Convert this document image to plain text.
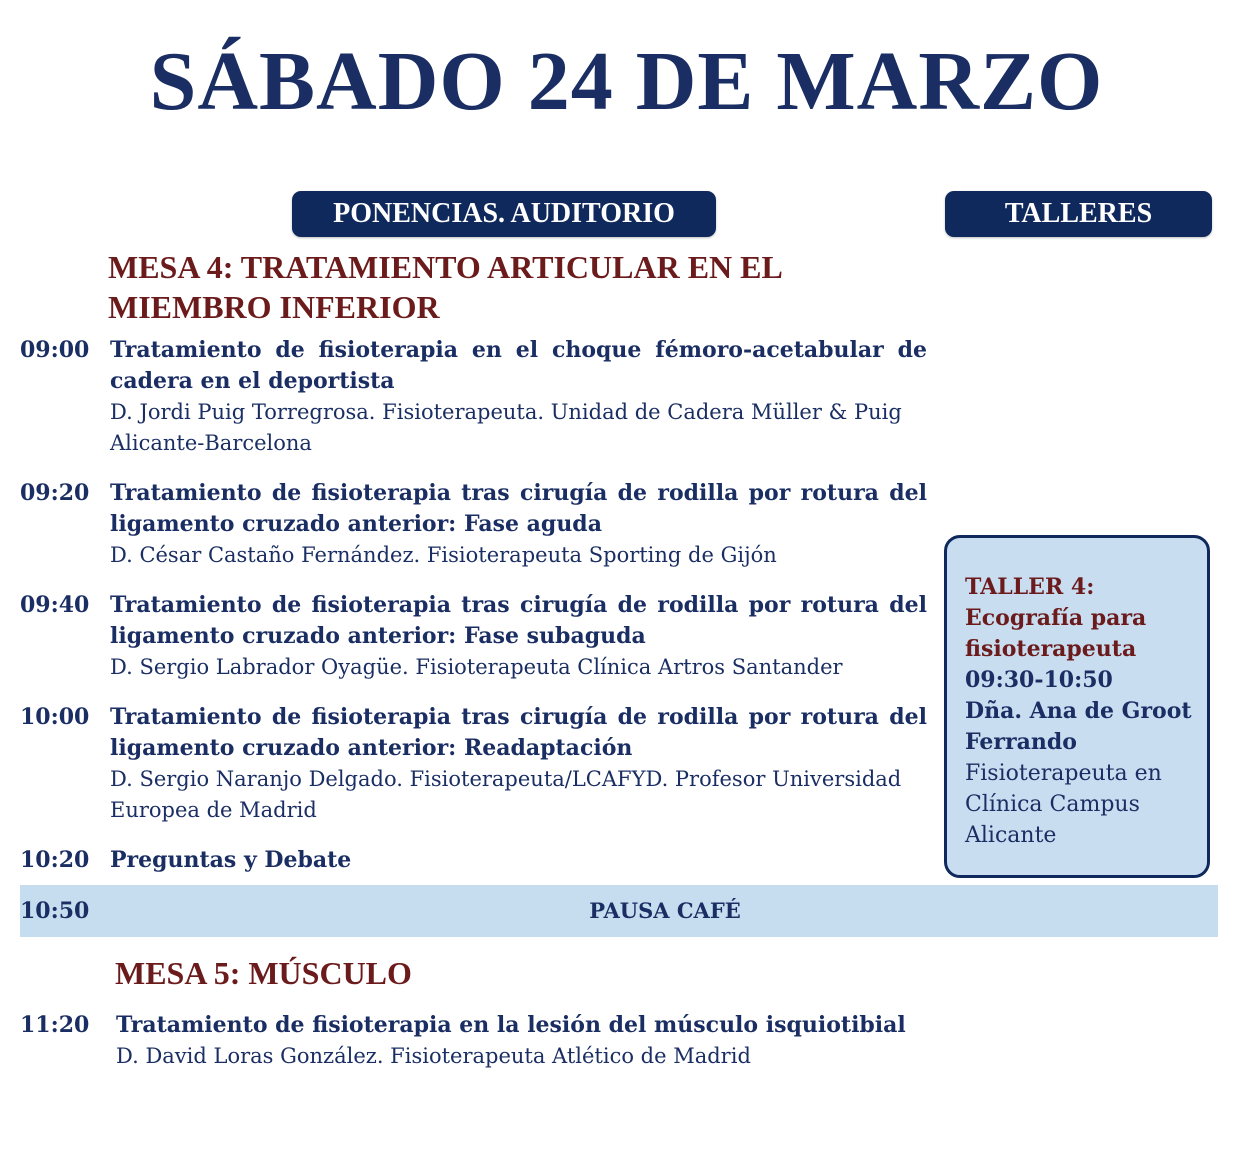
SÁBADO 24 DE MARZO
PONENCIAS. AUDITORIO	TALLERES
MESA 4: TRATAMIENTO ARTICULAR EN EL
MIEMBRO INFERIOR
09:00 Tratamiento de fisioterapia en el choque fémoro-acetabular de cadera en el deportista
D. Jordi Puig Torregrosa. Fisioterapeuta. Unidad de Cadera Müller & Puig Alicante-Barcelona
09:20 Tratamiento de fisioterapia tras cirugía de rodilla por rotura del ligamento cruzado anterior: Fase aguda
D. César Castaño Fernández. Fisioterapeuta Sporting de Gijón
09:40 Tratamiento de fisioterapia tras cirugía de rodilla por rotura del ligamento cruzado anterior: Fase subaguda
D. Sergio Labrador Oyagüe. Fisioterapeuta Clínica Artros Santander
10:00 Tratamiento de fisioterapia tras cirugía de rodilla por rotura del ligamento cruzado anterior: Readaptación
D. Sergio Naranjo Delgado. Fisioterapeuta/LCAFYD. Profesor Universidad Europea de Madrid
10:20 Preguntas y Debate
TALLER 4:
Ecografía para
fisioterapeuta
09:30-10:50
Dña. Ana de Groot
Ferrando
Fisioterapeuta en
Clínica Campus
Alicante
10:50	PAUSA CAFÉ
MESA 5: MÚSCULO
11:20	Tratamiento de fisioterapia en la lesión del músculo isquiotibial
D. David Loras González. Fisioterapeuta Atlético de Madrid
